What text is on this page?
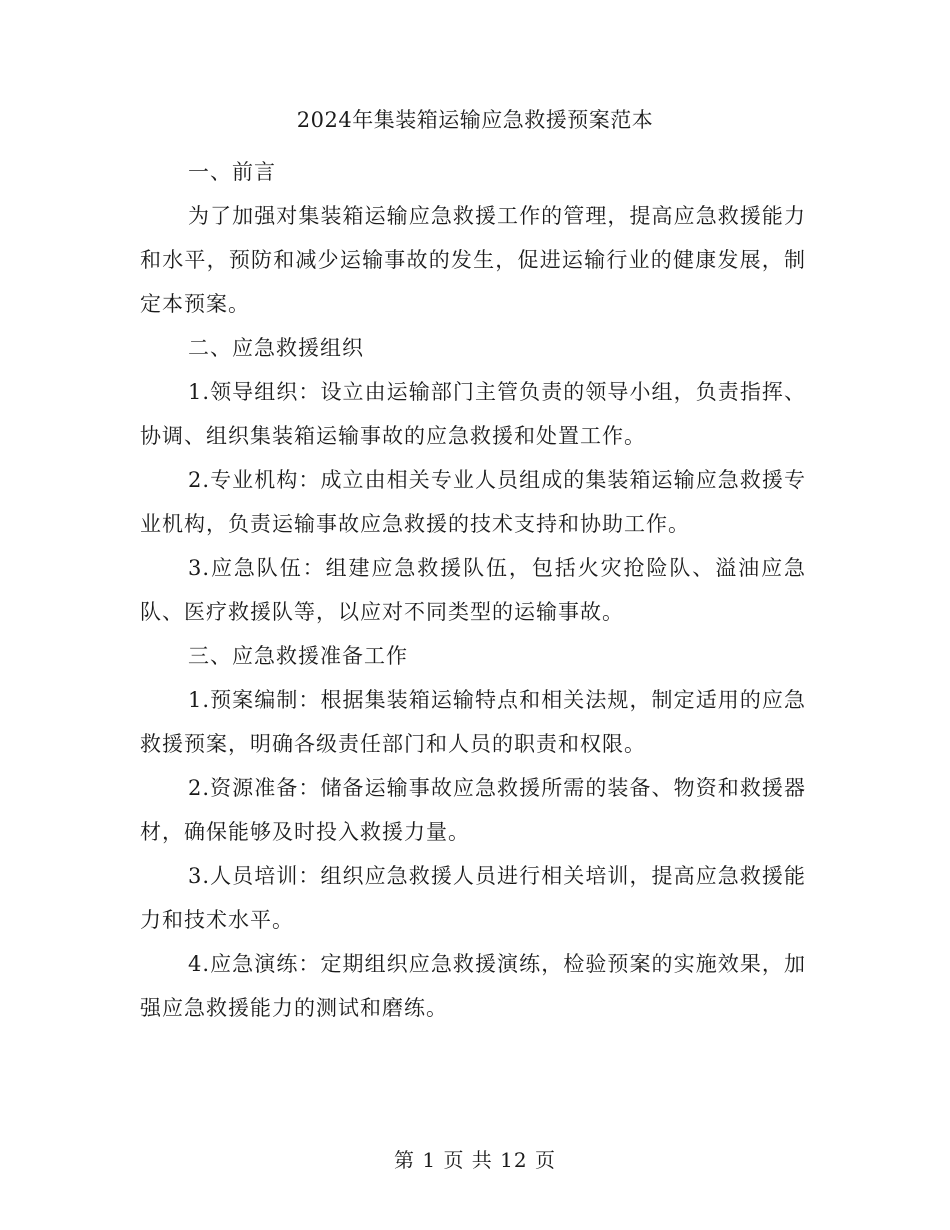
2024年集装箱运输应急救援预案范本

一、前言

为了加强对集装箱运输应急救援工作的管理，提高应急救援能力和水平，预防和减少运输事故的发生，促进运输行业的健康发展，制定本预案。

二、应急救援组织

1.领导组织：设立由运输部门主管负责的领导小组，负责指挥、协调、组织集装箱运输事故的应急救援和处置工作。

2.专业机构：成立由相关专业人员组成的集装箱运输应急救援专业机构，负责运输事故应急救援的技术支持和协助工作。

3.应急队伍：组建应急救援队伍，包括火灾抢险队、溢油应急队、医疗救援队等，以应对不同类型的运输事故。

三、应急救援准备工作

1.预案编制：根据集装箱运输特点和相关法规，制定适用的应急救援预案，明确各级责任部门和人员的职责和权限。

2.资源准备：储备运输事故应急救援所需的装备、物资和救援器材，确保能够及时投入救援力量。

3.人员培训：组织应急救援人员进行相关培训，提高应急救援能力和技术水平。

4.应急演练：定期组织应急救援演练，检验预案的实施效果，加强应急救援能力的测试和磨练。

第 1 页 共 12 页
